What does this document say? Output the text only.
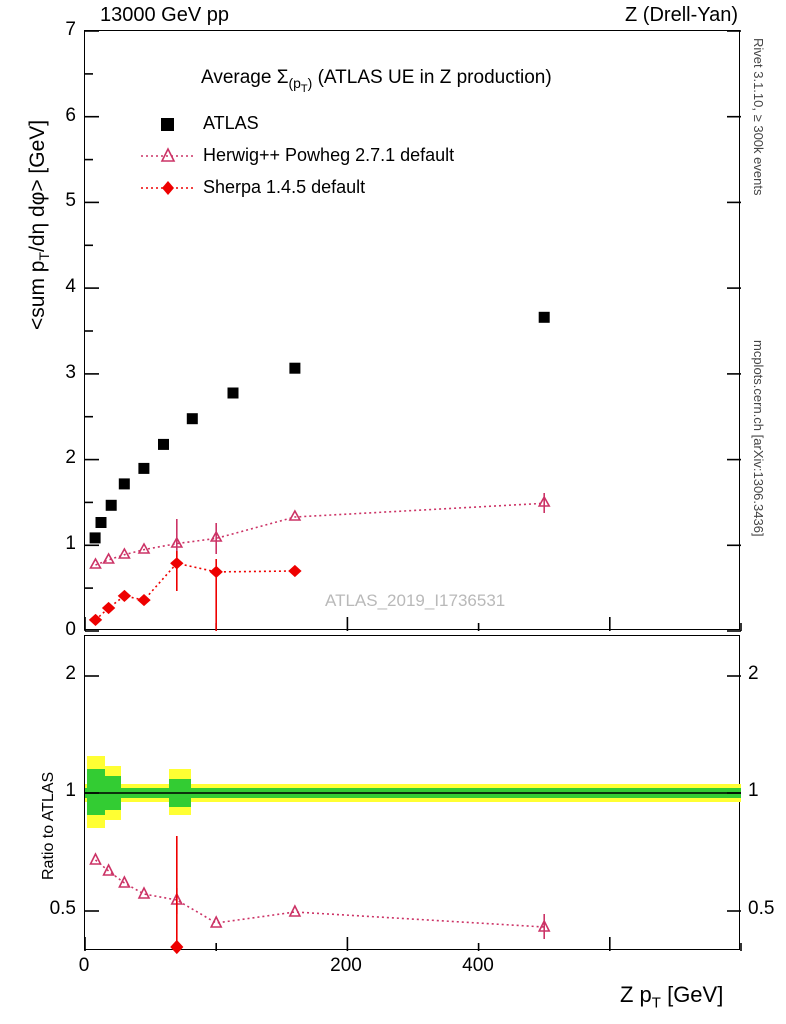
13000 GeV pp	Z (Drell-Yan)
Rivet 3.1.10, ≥ 300k events
mcplots.cern.ch [arXiv:1306.3436]
<sum $p_T/d\eta$ dφ> [GeV]
Average $\Sigma_{(p_T)}$ (ATLAS UE in Z production)
ATLAS
Herwig++ Powheg 2.7.1 default
Sherpa 1.4.5 default
ATLAS_2019_I1736531
0
1
2
3
4
5
6
7
Ratio to ATLAS
2
1
0.5
2
1
0.5
0	200	400
Z $p_T$ [GeV]
